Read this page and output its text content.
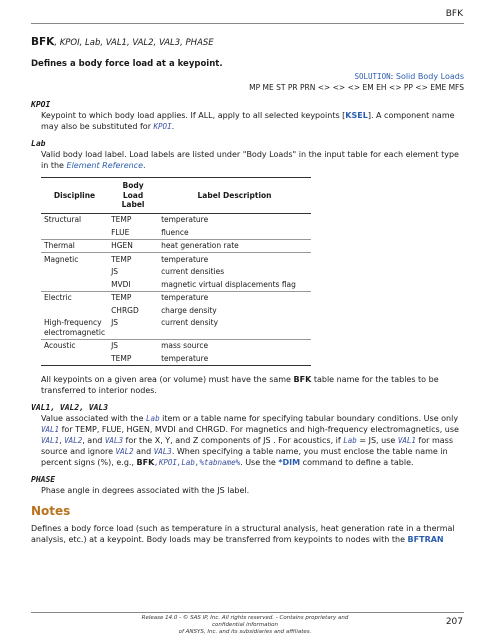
BFK
BFK, KPOI, Lab, VAL1, VAL2, VAL3, PHASE
Defines a body force load at a keypoint.
SOLUTION: Solid Body Loads
MP ME ST PR PRN <> <> <> EM EH <> PP <> EME MFS
KPOI
Keypoint to which body load applies. If ALL, apply to all selected keypoints [KSEL]. A component name may also be substituted for KPOI.
Lab
Valid body load label. Load labels are listed under "Body Loads" in the input table for each element type in the Element Reference.
Discipline	Body Load Label	Label Description
Structural	TEMP	temperature
	FLUE	fluence
Thermal	HGEN	heat generation rate
Magnetic	TEMP	temperature
	JS	current densities
	MVDI	magnetic virtual displacements flag
Electric	TEMP	temperature
	CHRGD	charge density
High-frequency electromagnetic	JS	current density
Acoustic	JS	mass source
	TEMP	temperature
All keypoints on a given area (or volume) must have the same BFK table name for the tables to be transferred to interior nodes.
VAL1, VAL2, VAL3
Value associated with the Lab item or a table name for specifying tabular boundary conditions. Use only VAL1 for TEMP, FLUE, HGEN, MVDI and CHRGD. For magnetics and high-frequency electromagnetics, use VAL1, VAL2, and VAL3 for the X, Y, and Z components of JS . For acoustics, if Lab = JS, use VAL1 for mass source and ignore VAL2 and VAL3. When specifying a table name, you must enclose the table name in percent signs (%), e.g., BFK,KPOI,Lab,%tabname%. Use the *DIM command to define a table.
PHASE
Phase angle in degrees associated with the JS label.
Notes
Defines a body force load (such as temperature in a structural analysis, heat generation rate in a thermal analysis, etc.) at a keypoint. Body loads may be transferred from keypoints to nodes with the BFTRAN
Release 14.0 - © SAS IP, Inc. All rights reserved. - Contains proprietary and confidential information
of ANSYS, Inc. and its subsidiaries and affiliates.
207
